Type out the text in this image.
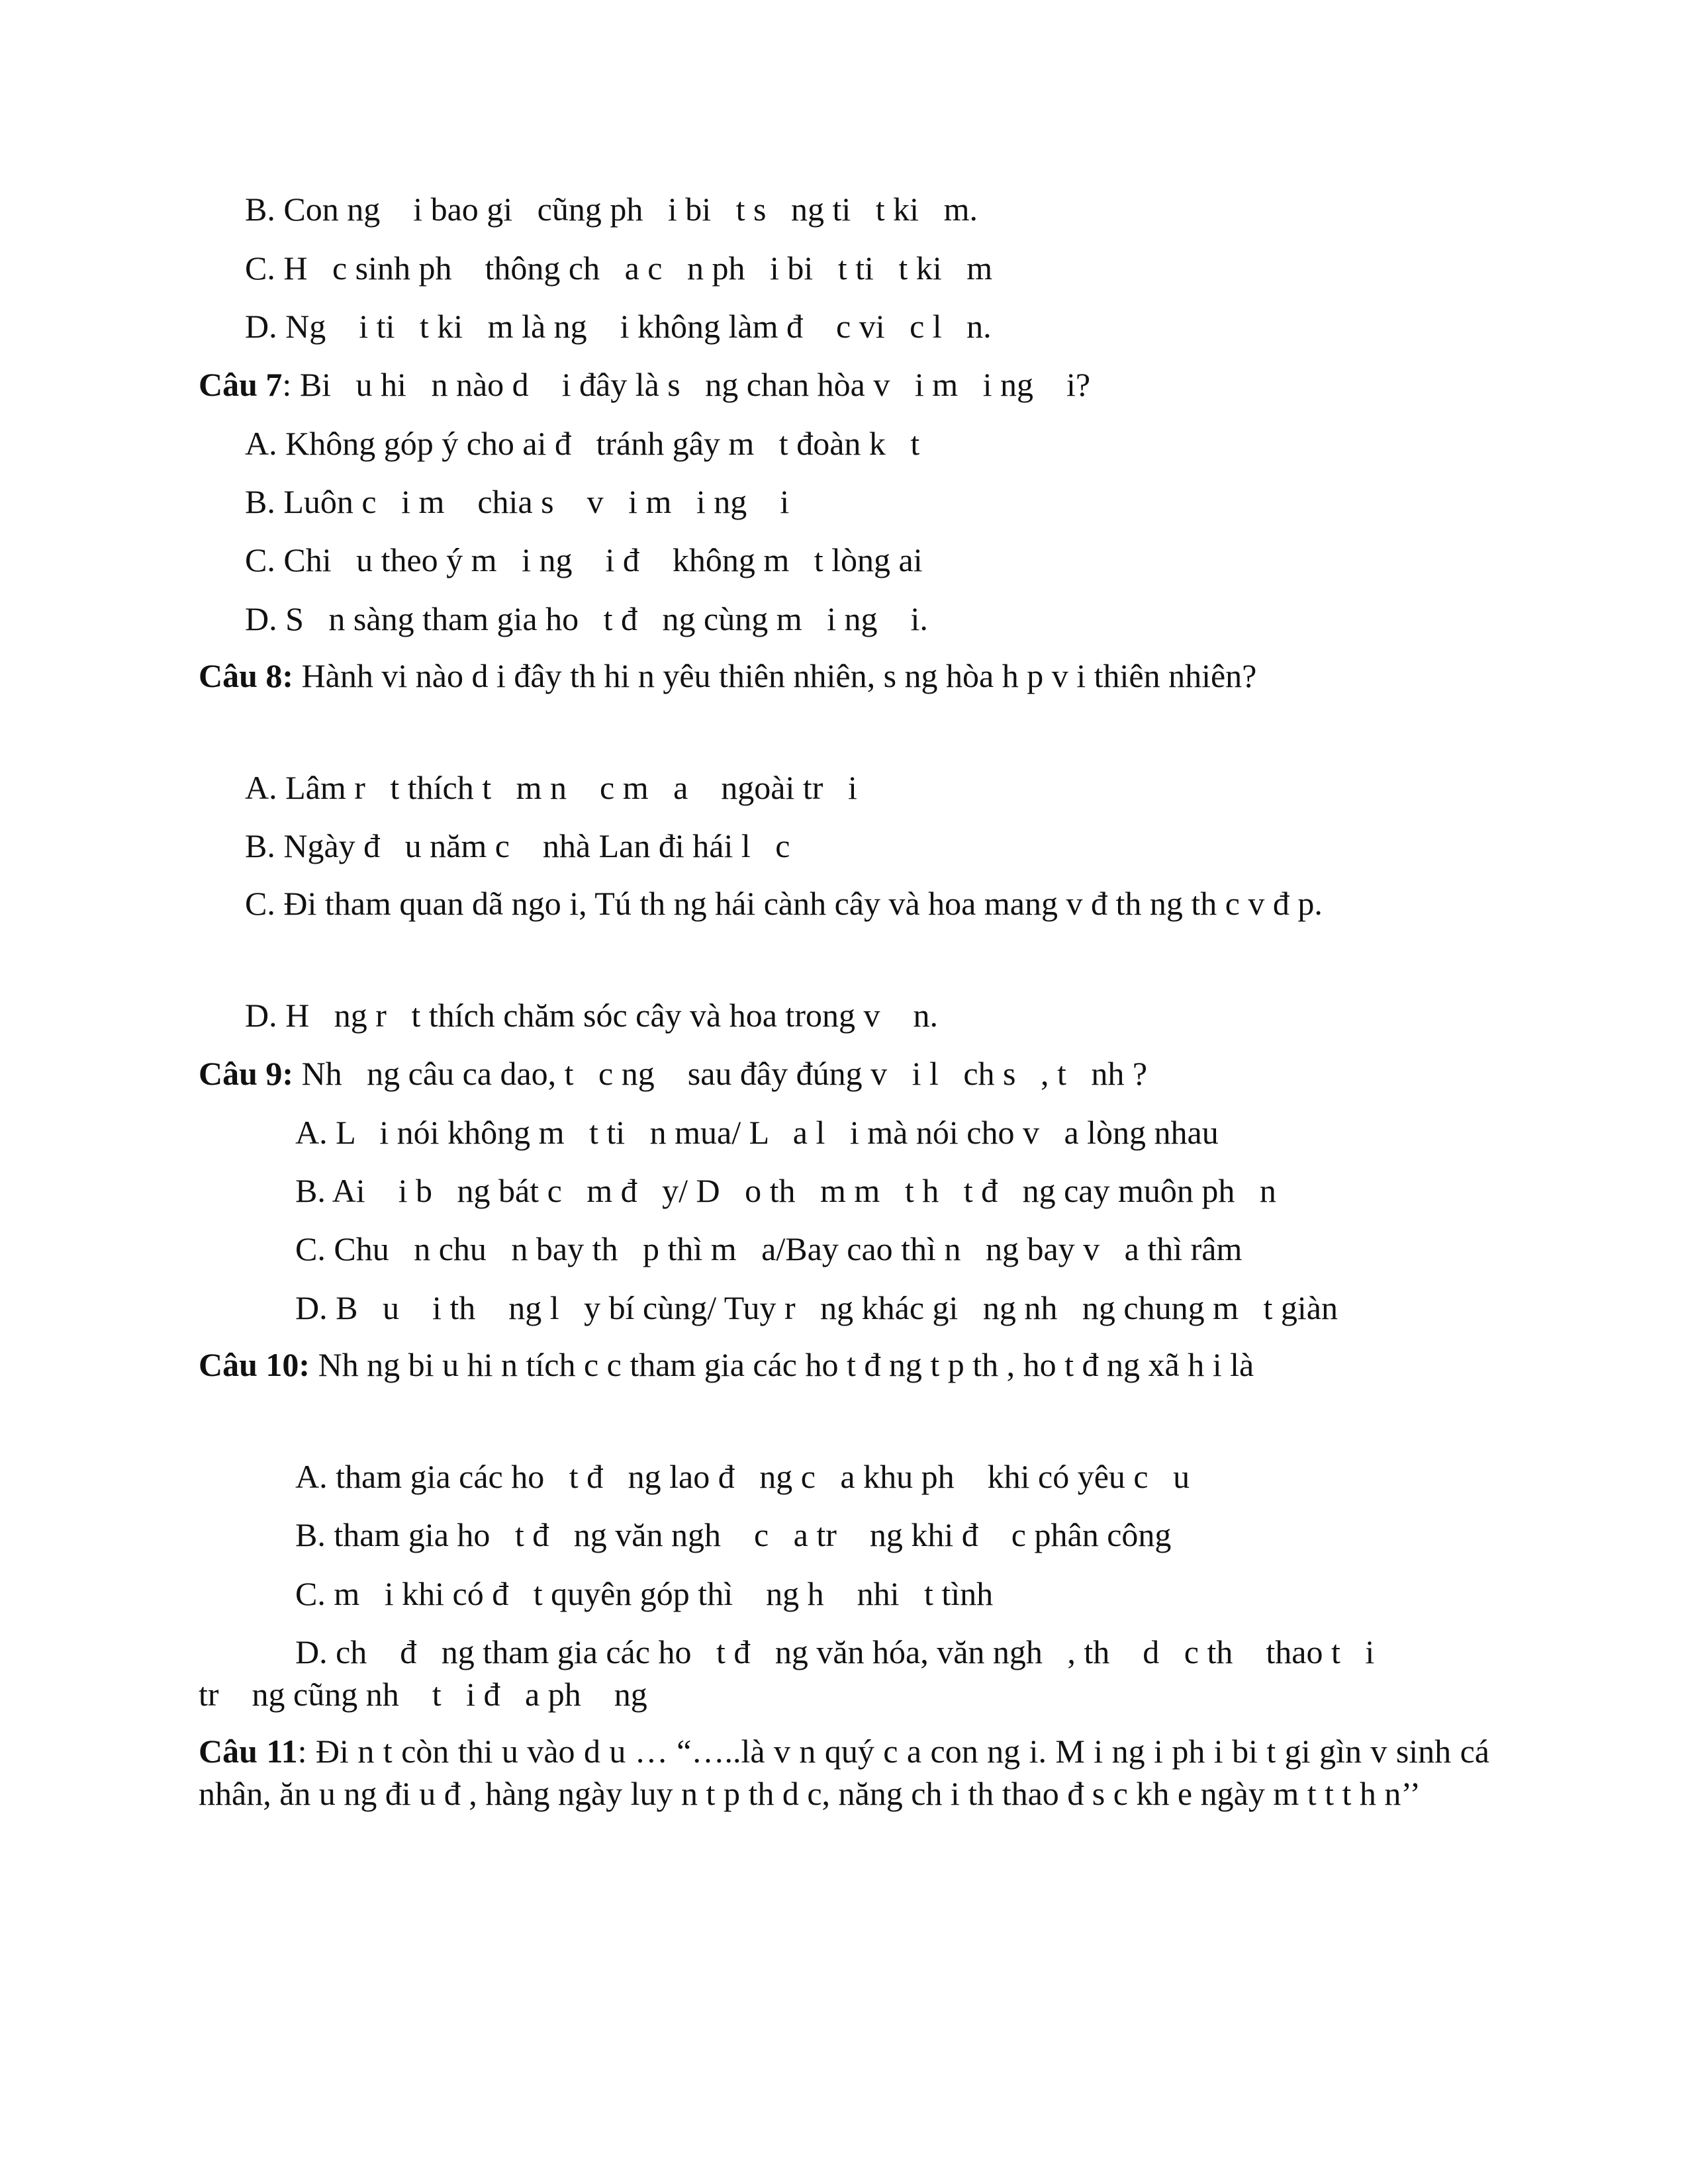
B. Con ng    i bao gi   cũng ph   i bi   t s   ng ti   t ki   m.
C. H   c sinh ph    thông ch   a c   n ph   i bi   t ti   t ki   m
D. Ng    i ti   t ki   m là ng    i không làm đ    c vi   c l   n.
Câu 7: Bi   u hi   n nào d    i đây là s   ng chan hòa v   i m   i ng    i?
A. Không góp ý cho ai đ   tránh gây m   t đoàn k   t
B. Luôn c   i m    chia s    v   i m   i ng    i
C. Chi   u theo ý m   i ng    i đ    không m   t lòng ai
D. S   n sàng tham gia ho   t đ   ng cùng m   i ng    i.
Câu 8: Hành vi nào d i đây th hi n yêu thiên nhiên, s ng hòa h p v i thiên nhiên?
A. Lâm r   t thích t   m n    c m   a    ngoài tr   i
B. Ngày đ   u năm c    nhà Lan đi hái l   c
C. Đi tham quan dã ngo i, Tú th ng hái cành cây và hoa mang v đ th ng th c v đ p.
D. H   ng r   t thích chăm sóc cây và hoa trong v    n.
Câu 9: Nh   ng câu ca dao, t   c ng    sau đây đúng v   i l   ch s   , t   nh ?
A. L   i nói không m   t ti   n mua/ L   a l   i mà nói cho v   a lòng nhau
B. Ai    i b   ng bát c   m đ   y/ D   o th   m m   t h   t đ   ng cay muôn ph   n
C. Chu   n chu   n bay th   p thì m   a/Bay cao thì n   ng bay v   a thì râm
D. B   u    i th    ng l   y bí cùng/ Tuy r   ng khác gi   ng nh   ng chung m   t giàn
Câu 10: Nh ng bi u hi n tích c c tham gia các ho t đ ng t p th , ho t đ ng xã h i là
A. tham gia các ho   t đ   ng lao đ   ng c   a khu ph    khi có yêu c   u
B. tham gia ho   t đ   ng văn ngh    c   a tr    ng khi đ    c phân công
C. m   i khi có đ   t quyên góp thì    ng h    nhi   t tình
D. ch    đ   ng tham gia các ho   t đ   ng văn hóa, văn ngh   , th    d   c th    thao t   i
tr    ng cũng nh    t   i đ   a ph    ng
Câu 11: Đi n t còn thi u vào d u … “…..là v n quý c a con ng i. M i ng i ph i bi t gi gìn v sinh cá nhân, ăn u ng đi u đ , hàng ngày luy n t p th d c, năng ch i th thao đ s c kh e ngày m t t t h n’’
